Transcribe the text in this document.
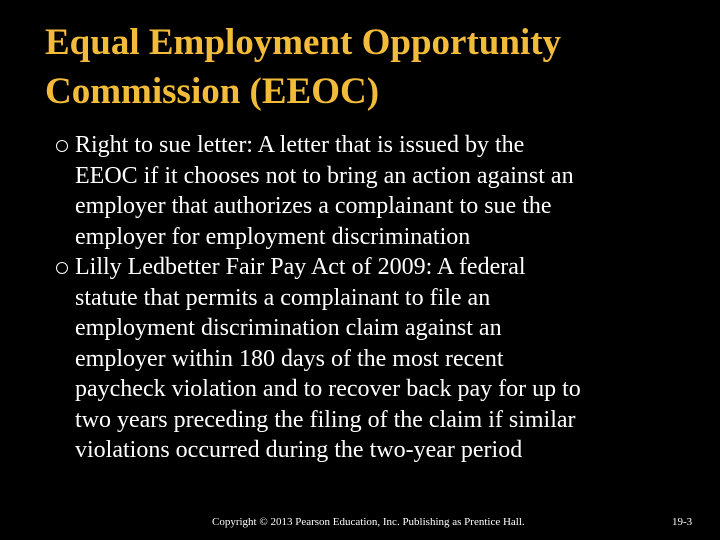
Equal Employment Opportunity
Commission (EEOC)
Right to sue letter: A letter that is issued by the
EEOC if it chooses not to bring an action against an
employer that authorizes a complainant to sue the
employer for employment discrimination
Lilly Ledbetter Fair Pay Act of 2009: A federal
statute that permits a complainant to file an
employment discrimination claim against an
employer within 180 days of the most recent
paycheck violation and to recover back pay for up to
two years preceding the filing of the claim if similar
violations occurred during the two-year period
Copyright © 2013 Pearson Education, Inc. Publishing as Prentice Hall.	19-3
